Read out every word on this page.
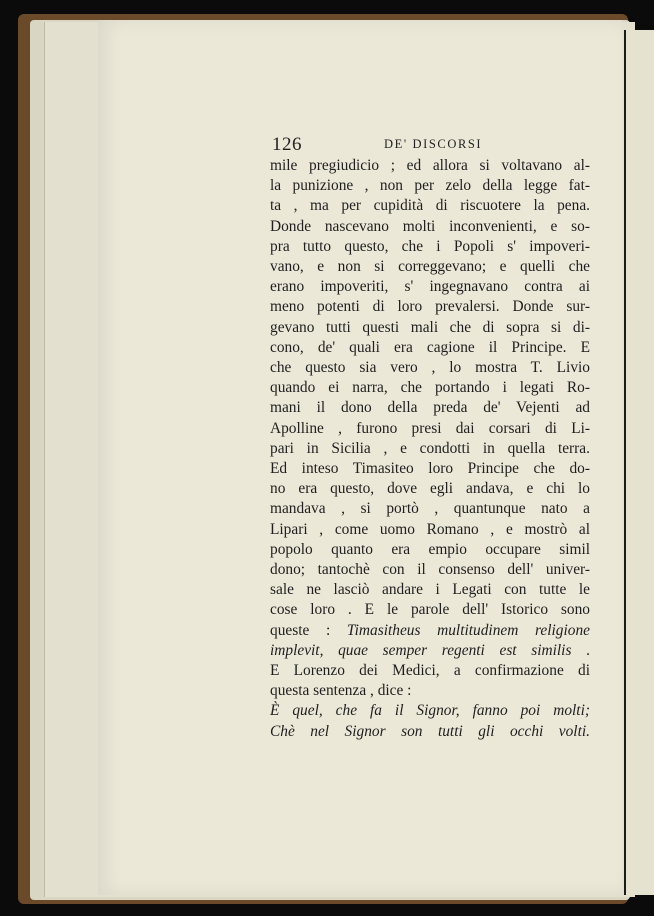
126	DE' DISCORSI
mile pregiudicio ; ed allora si voltavano al-
la punizione , non per zelo della legge fat-
ta , ma per cupidità di riscuotere la pena.
Donde nascevano molti inconvenienti, e so-
pra tutto questo, che i Popoli s' impoveri-
vano, e non si correggevano; e quelli che
erano impoveriti, s' ingegnavano contra ai
meno potenti di loro prevalersi. Donde sur-
gevano tutti questi mali che di sopra si di-
cono, de' quali era cagione il Principe. E
che questo sia vero , lo mostra T. Livio
quando ei narra, che portando i legati Ro-
mani il dono della preda de' Vejenti ad
Apolline , furono presi dai corsari di Li-
pari in Sicilia , e condotti in quella terra.
Ed inteso Timasiteo loro Principe che do-
no era questo, dove egli andava, e chi lo
mandava , si portò , quantunque nato a
Lipari , come uomo Romano , e mostrò al
popolo quanto era empio occupare simil
dono; tantochè con il consenso dell' univer-
sale ne lasciò andare i Legati con tutte le
cose loro . E le parole dell' Istorico sono
queste : Timasitheus multitudinem religione
implevit, quae semper regenti est similis .
E Lorenzo dei Medici, a confirmazione di
questa sentenza , dice :
È quel, che fa il Signor, fanno poi molti;
Chè nel Signor son tutti gli occhi volti.
